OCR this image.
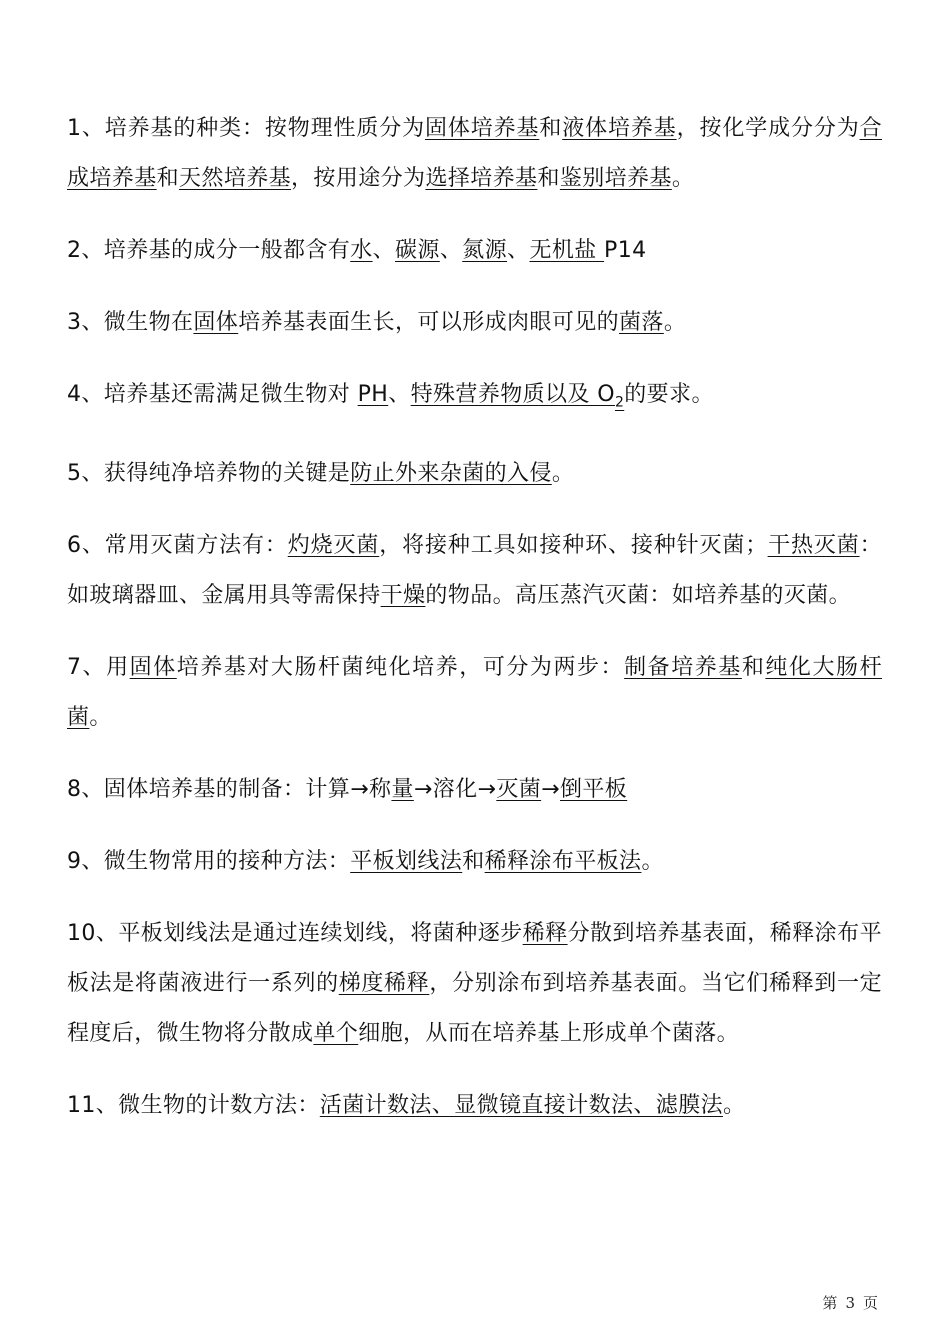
1、培养基的种类：按物理性质分为固体培养基和液体培养基，按化学成分分为合成培养基和天然培养基，按用途分为选择培养基和鉴别培养基。

2、培养基的成分一般都含有水、碳源、氮源、无机盐 P14

3、微生物在固体培养基表面生长，可以形成肉眼可见的菌落。

4、培养基还需满足微生物对 PH、特殊营养物质以及 $O_2$的要求。

5、获得纯净培养物的关键是防止外来杂菌的入侵。

6、常用灭菌方法有：灼烧灭菌，将接种工具如接种环、接种针灭菌；干热灭菌：如玻璃器皿、金属用具等需保持干燥的物品。高压蒸汽灭菌：如培养基的灭菌。

7、用固体培养基对大肠杆菌纯化培养，可分为两步：制备培养基和纯化大肠杆菌。

8、固体培养基的制备：计算→称量→溶化→灭菌→倒平板

9、微生物常用的接种方法：平板划线法和稀释涂布平板法。

10、平板划线法是通过连续划线，将菌种逐步稀释分散到培养基表面，稀释涂布平板法是将菌液进行一系列的梯度稀释，分别涂布到培养基表面。当它们稀释到一定程度后，微生物将分散成单个细胞，从而在培养基上形成单个菌落。

11、微生物的计数方法：活菌计数法、显微镜直接计数法、滤膜法。

第 3 页
